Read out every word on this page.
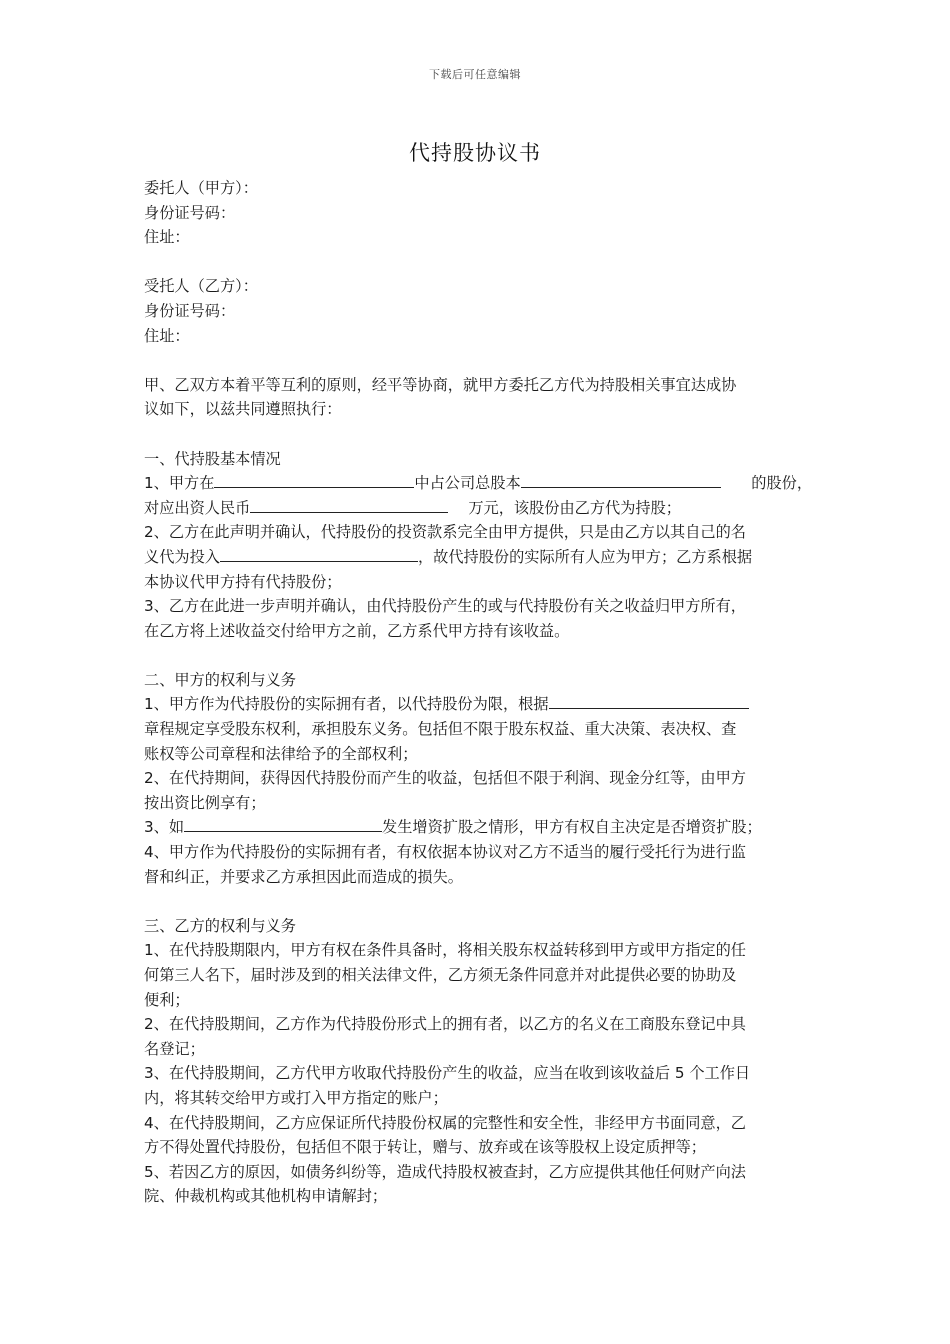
下载后可任意编辑
代持股协议书
委托人（甲方）：
身份证号码：
住址：
受托人（乙方）：
身份证号码：
住址：
甲、乙双方本着平等互利的原则，经平等协商，就甲方委托乙方代为持股相关事宜达成协
议如下，以兹共同遵照执行：
一、代持股基本情况
1、甲方在	中占公司总股本	的股份，
对应出资人民币	万元，该股份由乙方代为持股；
2、乙方在此声明并确认，代持股份的投资款系完全由甲方提供，只是由乙方以其自己的名
义代为投入	，故代持股份的实际所有人应为甲方；乙方系根据
本协议代甲方持有代持股份；
3、乙方在此进一步声明并确认，由代持股份产生的或与代持股份有关之收益归甲方所有，
在乙方将上述收益交付给甲方之前，乙方系代甲方持有该收益。
二、甲方的权利与义务
1、甲方作为代持股份的实际拥有者，以代持股份为限，根据
章程规定享受股东权利，承担股东义务。包括但不限于股东权益、重大决策、表决权、查
账权等公司章程和法律给予的全部权利；
2、在代持期间，获得因代持股份而产生的收益，包括但不限于利润、现金分红等，由甲方
按出资比例享有；
3、如	发生增资扩股之情形，甲方有权自主决定是否增资扩股；
4、甲方作为代持股份的实际拥有者，有权依据本协议对乙方不适当的履行受托行为进行监
督和纠正，并要求乙方承担因此而造成的损失。
三、乙方的权利与义务
1、在代持股期限内，甲方有权在条件具备时，将相关股东权益转移到甲方或甲方指定的任
何第三人名下，届时涉及到的相关法律文件，乙方须无条件同意并对此提供必要的协助及
便利；
2、在代持股期间，乙方作为代持股份形式上的拥有者，以乙方的名义在工商股东登记中具
名登记；
3、在代持股期间，乙方代甲方收取代持股份产生的收益，应当在收到该收益后 5 个工作日
内，将其转交给甲方或打入甲方指定的账户；
4、在代持股期间，乙方应保证所代持股份权属的完整性和安全性，非经甲方书面同意，乙
方不得处置代持股份，包括但不限于转让，赠与、放弃或在该等股权上设定质押等；
5、若因乙方的原因，如债务纠纷等，造成代持股权被查封，乙方应提供其他任何财产向法
院、仲裁机构或其他机构申请解封；
